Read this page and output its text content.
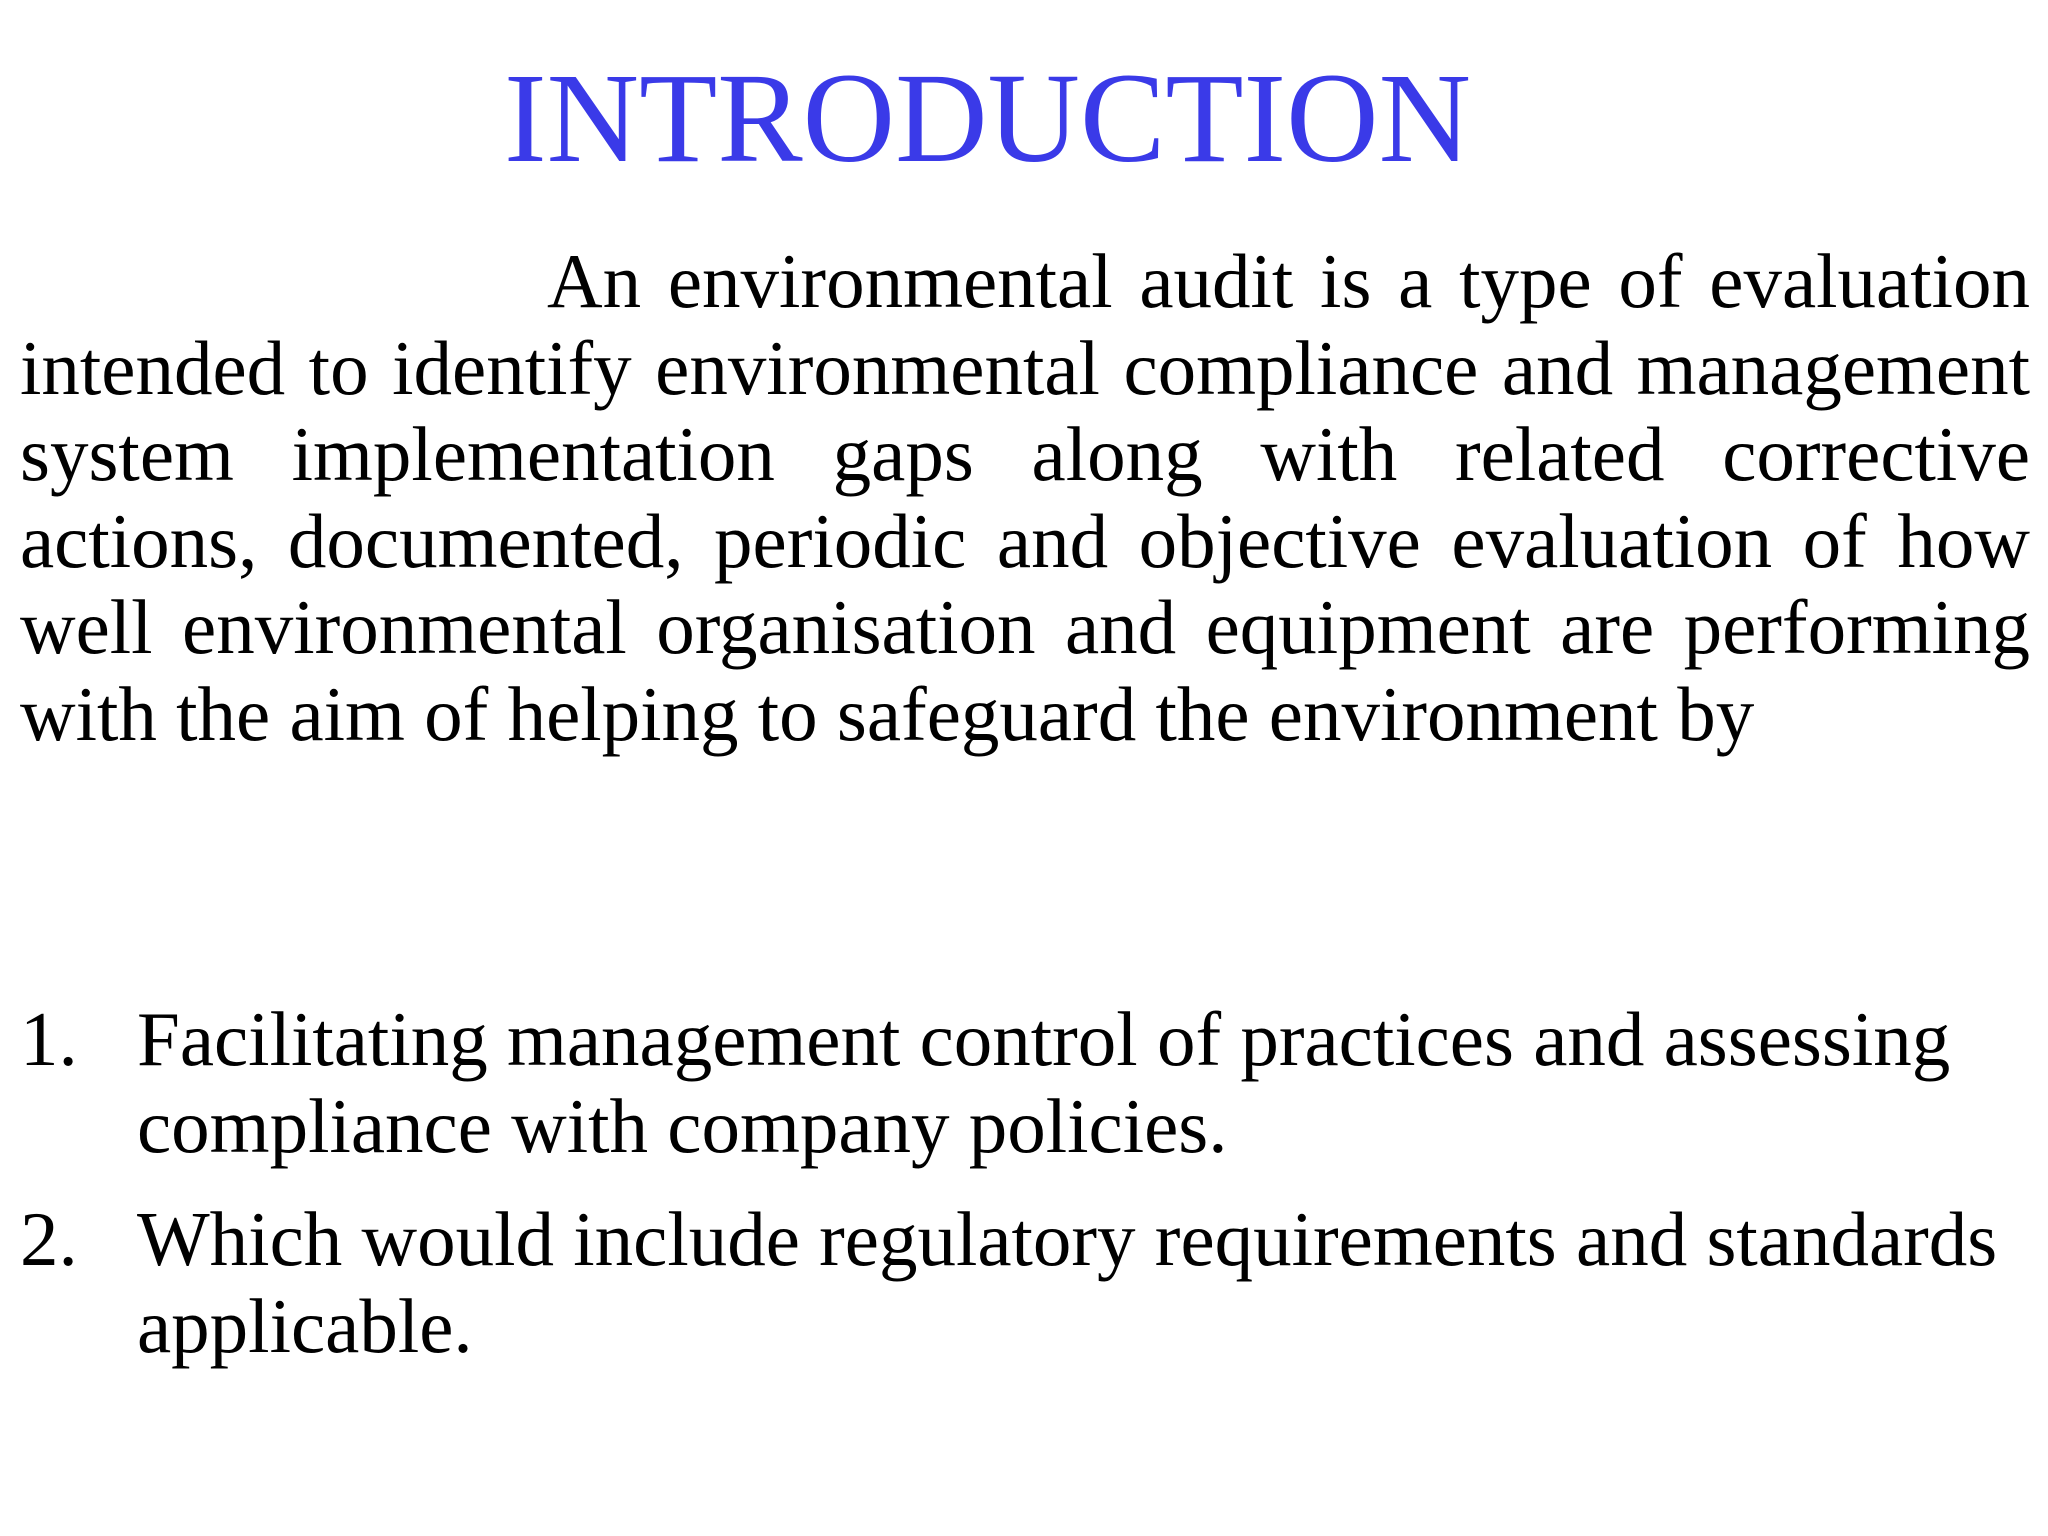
INTRODUCTION

An environmental audit is a type of evaluation intended to identify environmental compliance and management system implementation gaps along with related corrective actions, documented, periodic and objective evaluation of how well environmental organisation and equipment are performing with the aim of helping to safeguard the environment by

1. Facilitating management control of practices and assessing compliance with company policies.
2. Which would include regulatory requirements and standards applicable.
